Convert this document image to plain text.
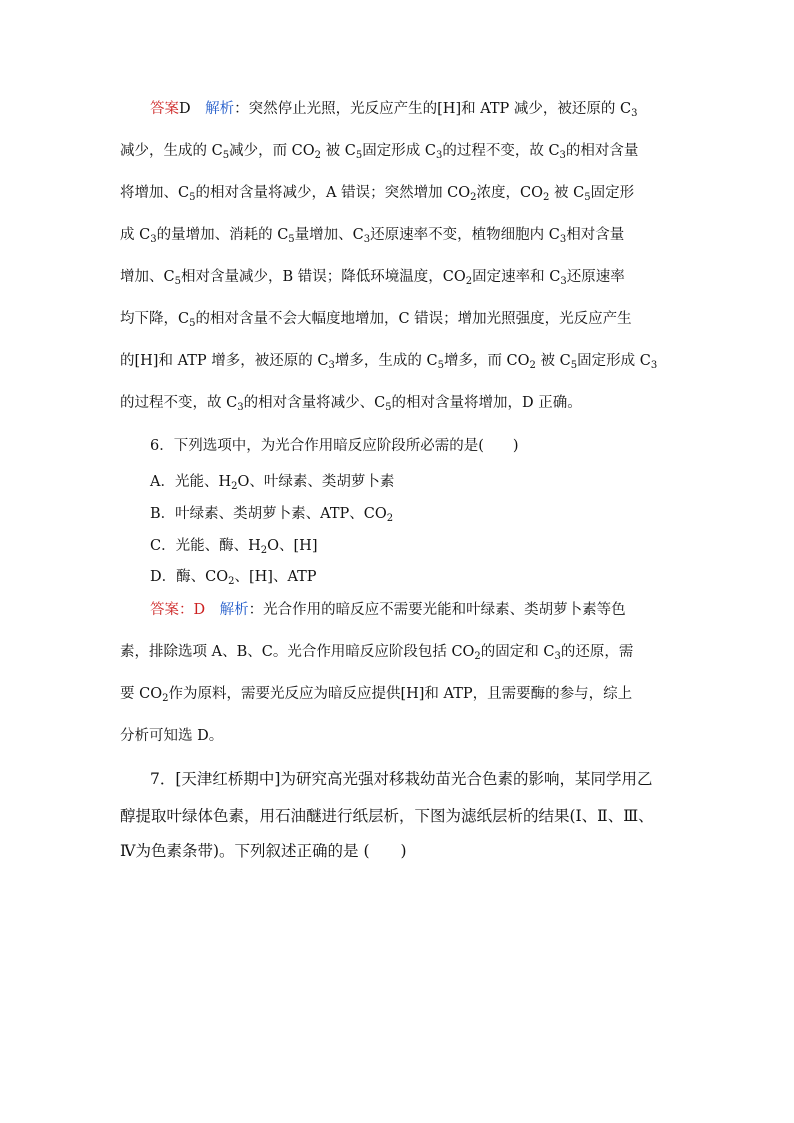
答案D　 解析：突然停止光照，光反应产生的[H]和 ATP 减少，被还原的 $C_3$
减少，生成的 $C_5$减少，而 $CO_2$ 被 $C_5$固定形成 $C_3$的过程不变，故 $C_3$的相对含量
将增加、$C_5$的相对含量将减少，A 错误；突然增加 $CO_2$浓度，$CO_2$ 被 $C_5$固定形
成 $C_3$的量增加、消耗的 $C_5$量增加、$C_3$还原速率不变，植物细胞内 $C_3$相对含量
增加、$C_5$相对含量减少，B 错误；降低环境温度，$CO_2$固定速率和 $C_3$还原速率
均下降，$C_5$的相对含量不会大幅度地增加，C 错误；增加光照强度，光反应产生
的[H]和 ATP 增多，被还原的 $C_3$增多，生成的 $C_5$增多，而 $CO_2$ 被 $C_5$固定形成 $C_3$
的过程不变，故 $C_3$的相对含量将减少、$C_5$的相对含量将增加，D 正确。
6．下列选项中，为光合作用暗反应阶段所必需的是(　　)
A．光能、$H_2O$、叶绿素、类胡萝卜素
B．叶绿素、类胡萝卜素、ATP、$CO_2$
C．光能、酶、$H_2O$、[H]
D．酶、$CO_2$、[H]、ATP
答案：D　 解析：光合作用的暗反应不需要光能和叶绿素、类胡萝卜素等色
素，排除选项 A、B、C。光合作用暗反应阶段包括 $CO_2$的固定和 $C_3$的还原，需
要 $CO_2$作为原料，需要光反应为暗反应提供[H]和 ATP，且需要酶的参与，综上
分析可知选 D。
7．[天津红桥期中]为研究高光强对移栽幼苗光合色素的影响，某同学用乙
醇提取叶绿体色素，用石油醚进行纸层析，下图为滤纸层析的结果(Ⅰ、Ⅱ、Ⅲ、
Ⅳ为色素条带)。下列叙述正确的是 (　　)
